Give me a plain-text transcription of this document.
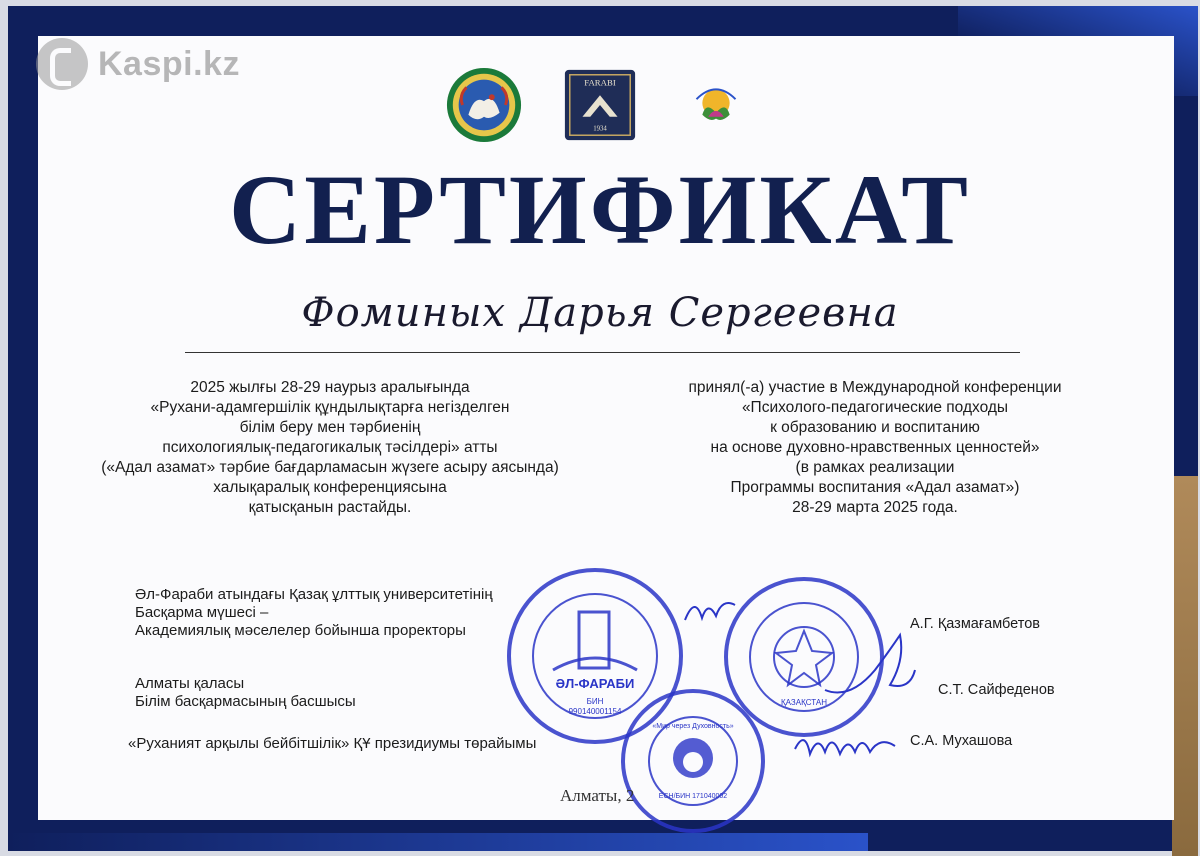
Kaspi.kz	FARABI
1934
СЕРТИФИКАТ
Фоминых Дарья Сергеевна
2025 жылғы 28-29 наурыз аралығында
«Рухани-адамгершілік құндылықтарға негізделген
білім беру мен тәрбиенің
психологиялық-педагогикалық тәсілдері» атты
(«Адал азамат» тәрбие бағдарламасын жүзеге асыру аясында)
халықаралық конференциясына
қатысқанын растайды.
принял(-а) участие в Международной конференции
«Психолого-педагогические подходы
к образованию и воспитанию
на основе духовно-нравственных ценностей»
(в рамках реализации
Программы воспитания «Адал азамат»)
28-29 марта 2025 года.
Әл-Фараби атындағы Қазақ ұлттық университетінің
Басқарма мүшесі –
Академиялық мәселелер бойынша проректоры	А.Г. Қазмағамбетов
Алматы қаласы
Білім басқармасының басшысы
С.Т. Сайфеденов
«Руханият арқылы бейбітшілік» ҚҰ президиумы төрайымы	С.А. Мухашова
ӘЛ-ФАРАБИ
БИН
990140001154
ҚАЗАҚСТАН
«Мир через Духовность»
ЕСН/БИН 171040002
Алматы, 2
